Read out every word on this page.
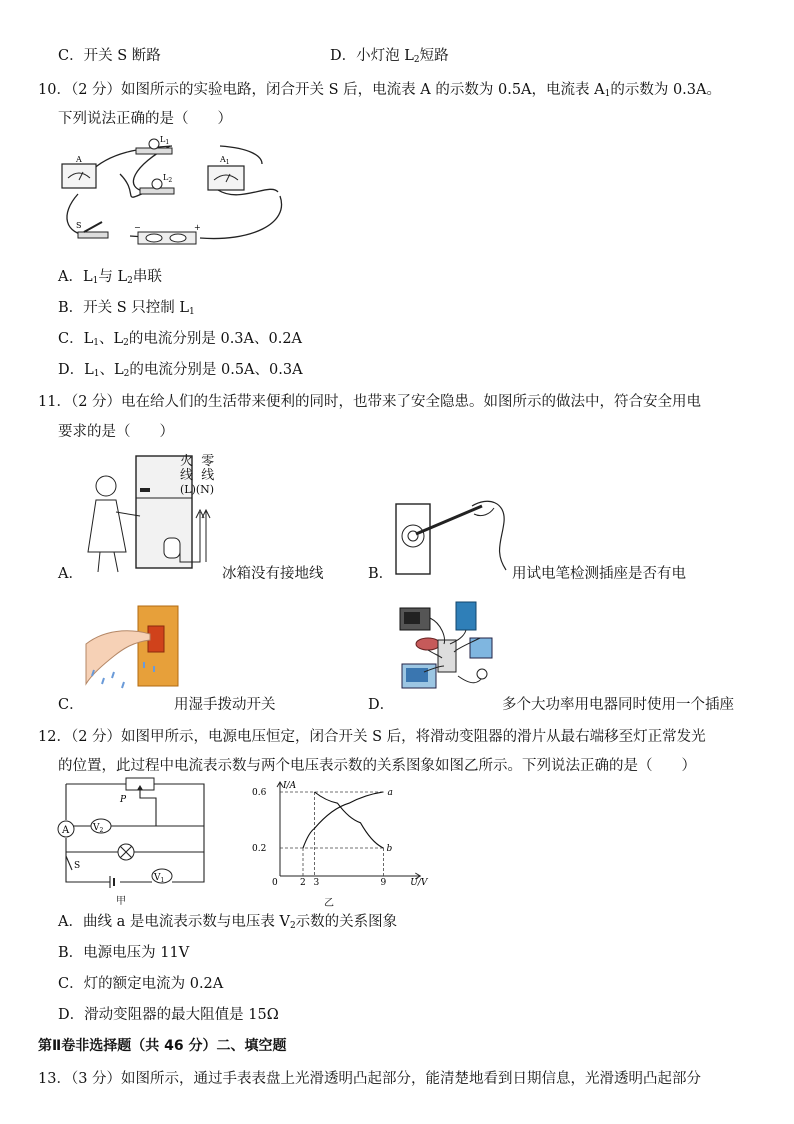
C．开关 S 断路	D．小灯泡 $L_2$短路
10．（2 分）如图所示的实验电路，闭合开关 S 后，电流表 A 的示数为 0.5A，电流表 $A_1$的示数为 0.3A。
下列说法正确的是（　　）
A	$A_1$
$L_1$
$L_2$
S	−	+
A．$L_1$与 $L_2$串联
B．开关 S 只控制 $L_1$
C．$L_1$、$L_2$的电流分别是 0.3A、0.2A
D．$L_1$、$L_2$的电流分别是 0.5A、0.3A
11．（2 分）电在给人们的生活带来便利的同时，也带来了安全隐患。如图所示的做法中，符合安全用电
要求的是（　　）
火 零
线 线
(L)(N)
A．	冰箱没有接地线	B．	用试电笔检测插座是否有电
C．	用湿手拨动开关	D．	多个大功率用电器同时使用一个插座
12．（2 分）如图甲所示，电源电压恒定，闭合开关 S 后，将滑动变阻器的滑片从最右端移至灯正常发光
的位置，此过程中电流表示数与两个电压表示数的关系图象如图乙所示。下列说法正确的是（　　）
A	$V_2$
$V_1$
P
S
甲
I/A
U/V
0.6
0.2
0 2 3	9
a
b
乙
A．曲线 a 是电流表示数与电压表 $V_2$示数的关系图象
B．电源电压为 11V
C．灯的额定电流为 0.2A
D．滑动变阻器的最大阻值是 15Ω
第Ⅱ卷非选择题（共 46 分）二、填空题
13．（3 分）如图所示，通过手表表盘上光滑透明凸起部分，能清楚地看到日期信息，光滑透明凸起部分
